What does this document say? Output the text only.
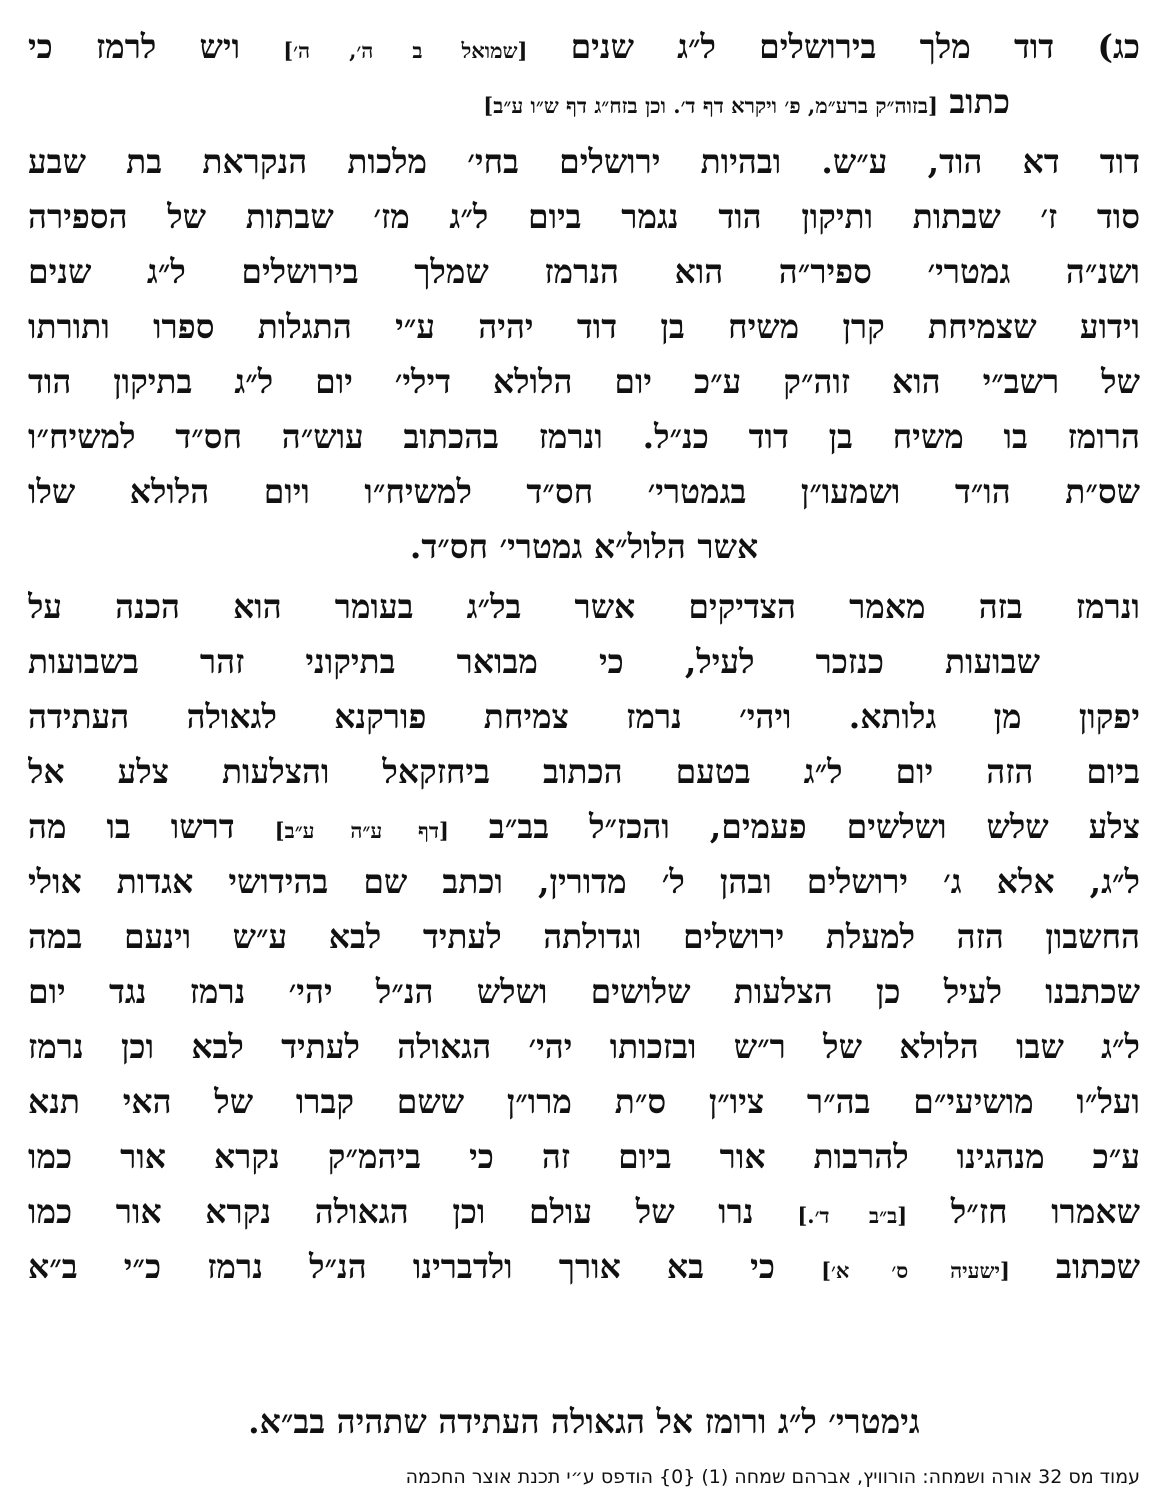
כג) דוד מלך בירושלים ל״ג שנים [שמואל ב ה׳, ה׳] ויש לרמז כי
כתוב [בזוה״ק ברע״מ, פ׳ ויקרא דף ד׳. וכן בזח״ג דף ש״ו ע״ב]
דוד דא הוד, ע״ש. ובהיות ירושלים בחי׳ מלכות הנקראת בת שבע
סוד ז׳ שבתות ותיקון הוד נגמר ביום ל״ג מז׳ שבתות של הספירה
ושנ״ה גמטרי׳ ספיר״ה הוא הנרמז שמלך בירושלים ל״ג שנים
וידוע שצמיחת קרן משיח בן דוד יהיה ע״י התגלות ספרו ותורתו
של רשב״י הוא זוה״ק ע״כ יום הלולא דילי׳ יום ל״ג בתיקון הוד
הרומז בו משיח בן דוד כנ״ל. ונרמז בהכתוב עוש״ה חס״ד למשיח״ו
שס״ת הו״ד ושמעו״ן בגמטרי׳ חס״ד למשיח״ו ויום הלולא שלו
אשר הלול״א גמטרי׳ חס״ד.
ונרמז בזה מאמר הצדיקים אשר בל״ג בעומר הוא הכנה על
שבועות כנזכר לעיל, כי מבואר בתיקוני זהר בשבועות
יפקון מן גלותא. ויהי׳ נרמז צמיחת פורקנא לגאולה העתידה
ביום הזה יום ל״ג בטעם הכתוב ביחזקאל והצלעות צלע אל
צלע שלש ושלשים פעמים, והכז״ל בב״ב [דף ע״ה ע״ב] דרשו בו מה
ל״ג, אלא ג׳ ירושלים ובהן ל׳ מדורין, וכתב שם בהידושי אגדות אולי
החשבון הזה למעלת ירושלים וגדולתה לעתיד לבא ע״ש וינעם במה
שכתבנו לעיל כן הצלעות שלושים ושלש הנ״ל יהי׳ נרמז נגד יום
ל״ג שבו הלולא של ר״ש ובזכותו יהי׳ הגאולה לעתיד לבא וכן נרמז
ועל״ו מושיעי״ם בה״ר ציו״ן ס״ת מרו״ן ששם קברו של האי תנא
ע״כ מנהגינו להרבות אור ביום זה כי ביהמ״ק נקרא אור כמו
שאמרו חז״ל [ב״ב ד׳.] נרו של עולם וכן הגאולה נקרא אור כמו
שכתוב [ישעיה ס׳ א׳] כי בא אורך ולדברינו הנ״ל נרמז כ״י ב״א
גימטרי׳ ל״ג ורומז אל הגאולה העתידה שתהיה בב״א.
עמוד מס 32 אורה ושמחה: הורוויץ, אברהם שמחה (1) {0} הודפס ע״י תכנת אוצר החכמה
